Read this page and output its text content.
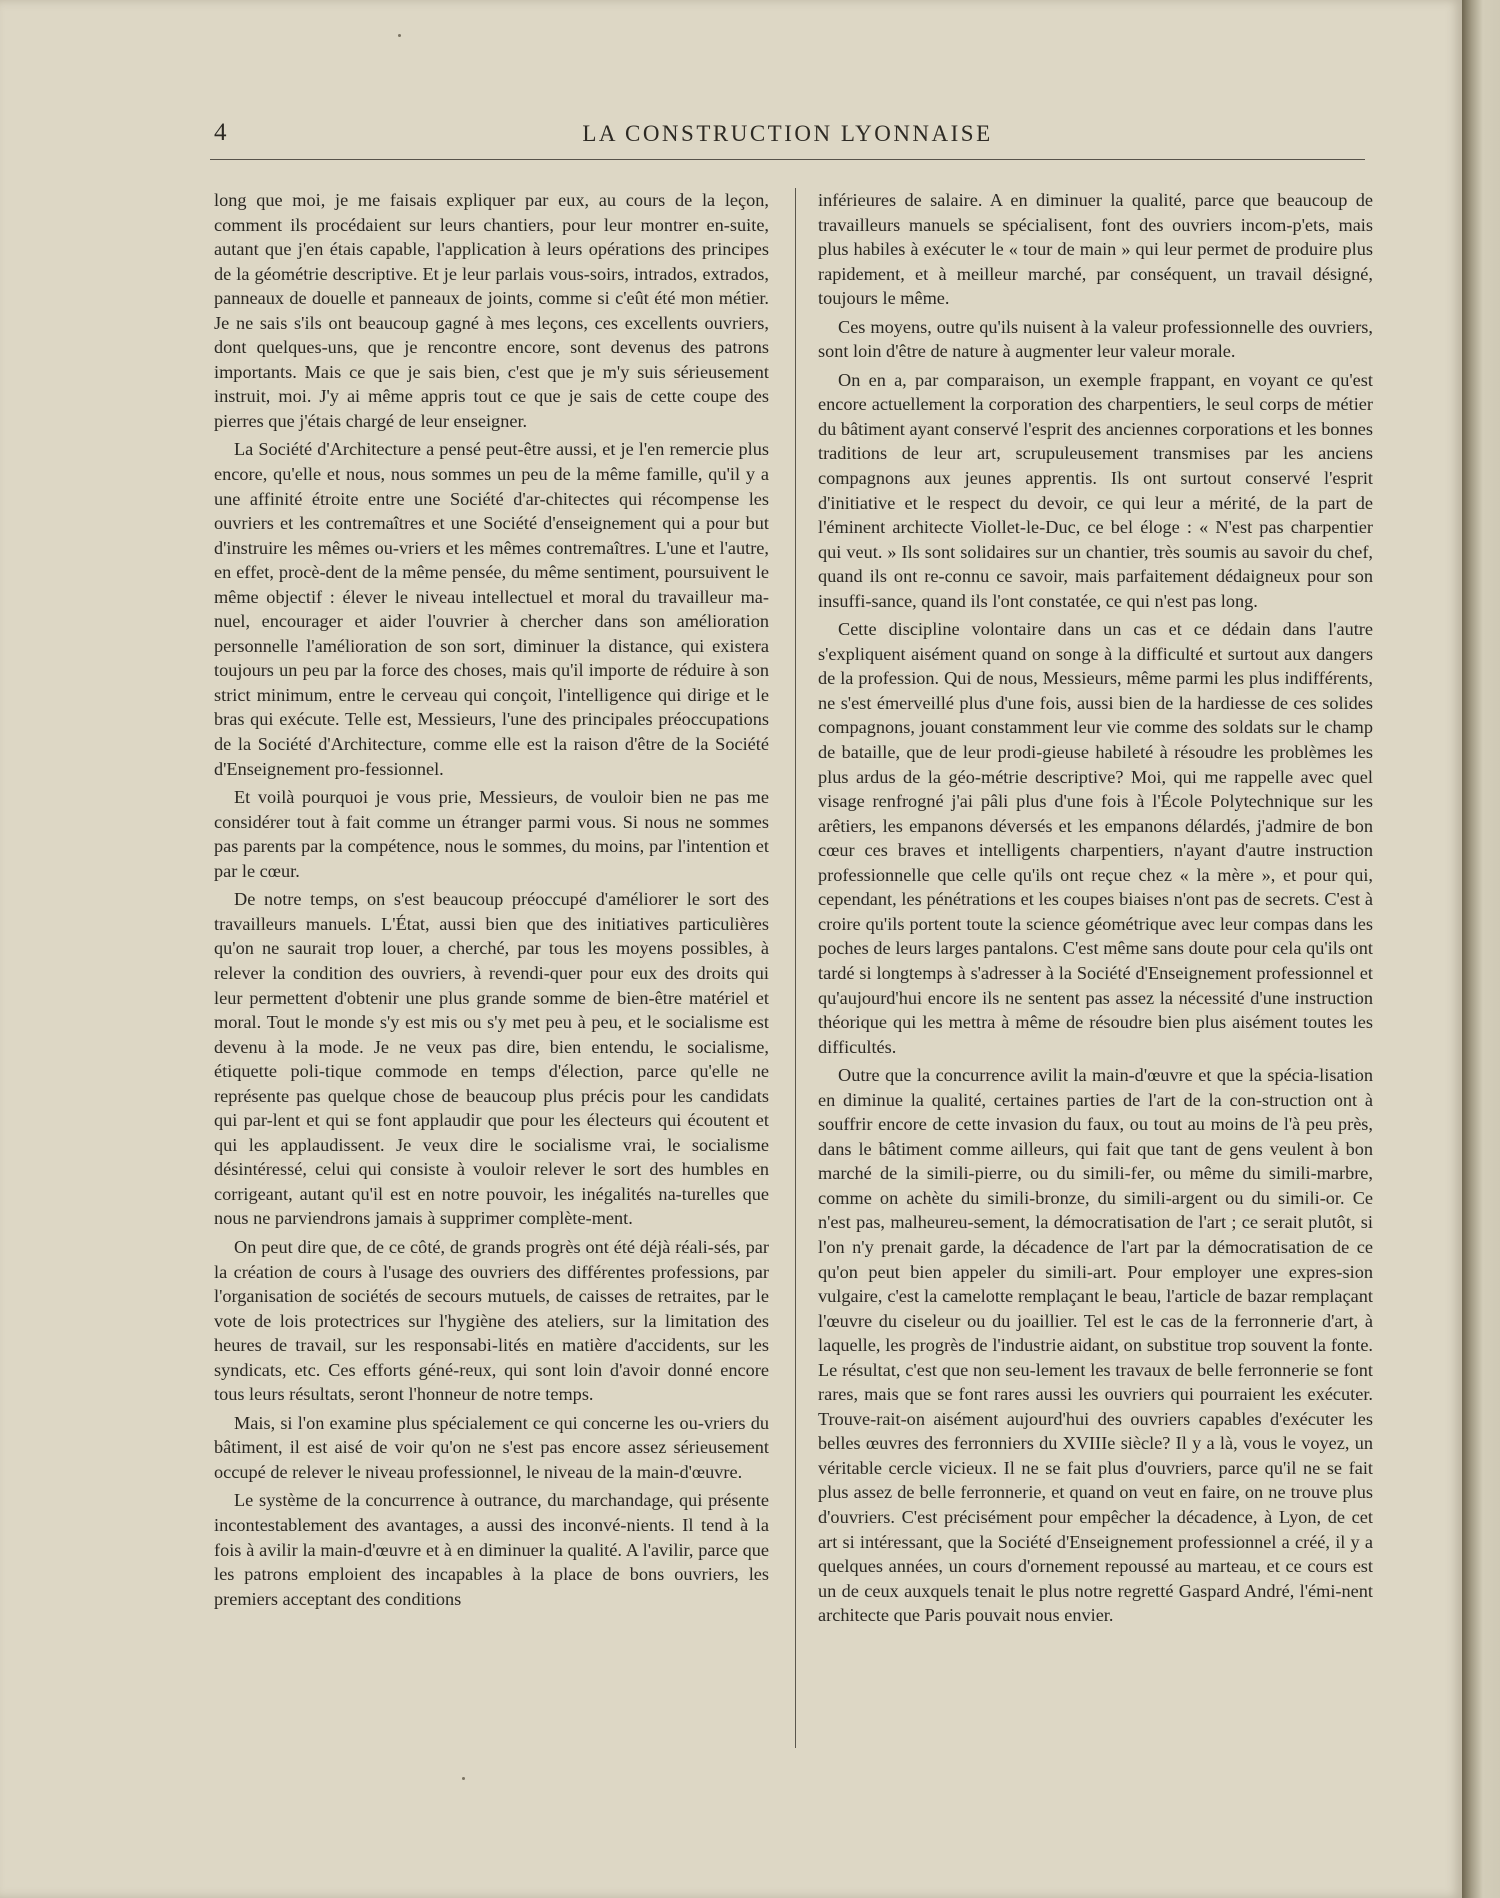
4	LA CONSTRUCTION LYONNAISE

long que moi, je me faisais expliquer par eux, au cours de la leçon, comment ils procédaient sur leurs chantiers, pour leur montrer en-suite, autant que j'en étais capable, l'application à leurs opérations des principes de la géométrie descriptive. Et je leur parlais vous-soirs, intrados, extrados, panneaux de douelle et panneaux de joints, comme si c'eût été mon métier. Je ne sais s'ils ont beaucoup gagné à mes leçons, ces excellents ouvriers, dont quelques-uns, que je rencontre encore, sont devenus des patrons importants. Mais ce que je sais bien, c'est que je m'y suis sérieusement instruit, moi. J'y ai même appris tout ce que je sais de cette coupe des pierres que j'étais chargé de leur enseigner.

La Société d'Architecture a pensé peut-être aussi, et je l'en remercie plus encore, qu'elle et nous, nous sommes un peu de la même famille, qu'il y a une affinité étroite entre une Société d'ar-chitectes qui récompense les ouvriers et les contremaîtres et une Société d'enseignement qui a pour but d'instruire les mêmes ou-vriers et les mêmes contremaîtres. L'une et l'autre, en effet, procè-dent de la même pensée, du même sentiment, poursuivent le même objectif : élever le niveau intellectuel et moral du travailleur ma-nuel, encourager et aider l'ouvrier à chercher dans son amélioration personnelle l'amélioration de son sort, diminuer la distance, qui existera toujours un peu par la force des choses, mais qu'il importe de réduire à son strict minimum, entre le cerveau qui conçoit, l'intelligence qui dirige et le bras qui exécute. Telle est, Messieurs, l'une des principales préoccupations de la Société d'Architecture, comme elle est la raison d'être de la Société d'Enseignement pro-fessionnel.

Et voilà pourquoi je vous prie, Messieurs, de vouloir bien ne pas me considérer tout à fait comme un étranger parmi vous. Si nous ne sommes pas parents par la compétence, nous le sommes, du moins, par l'intention et par le cœur.

De notre temps, on s'est beaucoup préoccupé d'améliorer le sort des travailleurs manuels. L'État, aussi bien que des initiatives particulières qu'on ne saurait trop louer, a cherché, par tous les moyens possibles, à relever la condition des ouvriers, à revendi-quer pour eux des droits qui leur permettent d'obtenir une plus grande somme de bien-être matériel et moral. Tout le monde s'y est mis ou s'y met peu à peu, et le socialisme est devenu à la mode. Je ne veux pas dire, bien entendu, le socialisme, étiquette poli-tique commode en temps d'élection, parce qu'elle ne représente pas quelque chose de beaucoup plus précis pour les candidats qui par-lent et qui se font applaudir que pour les électeurs qui écoutent et qui les applaudissent. Je veux dire le socialisme vrai, le socialisme désintéressé, celui qui consiste à vouloir relever le sort des humbles en corrigeant, autant qu'il est en notre pouvoir, les inégalités na-turelles que nous ne parviendrons jamais à supprimer complète-ment.

On peut dire que, de ce côté, de grands progrès ont été déjà réali-sés, par la création de cours à l'usage des ouvriers des différentes professions, par l'organisation de sociétés de secours mutuels, de caisses de retraites, par le vote de lois protectrices sur l'hygiène des ateliers, sur la limitation des heures de travail, sur les responsabi-lités en matière d'accidents, sur les syndicats, etc. Ces efforts géné-reux, qui sont loin d'avoir donné encore tous leurs résultats, seront l'honneur de notre temps.

Mais, si l'on examine plus spécialement ce qui concerne les ou-vriers du bâtiment, il est aisé de voir qu'on ne s'est pas encore assez sérieusement occupé de relever le niveau professionnel, le niveau de la main-d'œuvre.

Le système de la concurrence à outrance, du marchandage, qui présente incontestablement des avantages, a aussi des inconvé-nients. Il tend à la fois à avilir la main-d'œuvre et à en diminuer la qualité. A l'avilir, parce que les patrons emploient des incapables à la place de bons ouvriers, les premiers acceptant des conditions

inférieures de salaire. A en diminuer la qualité, parce que beaucoup de travailleurs manuels se spécialisent, font des ouvriers incom-p'ets, mais plus habiles à exécuter le « tour de main » qui leur permet de produire plus rapidement, et à meilleur marché, par conséquent, un travail désigné, toujours le même.

Ces moyens, outre qu'ils nuisent à la valeur professionnelle des ouvriers, sont loin d'être de nature à augmenter leur valeur morale.

On en a, par comparaison, un exemple frappant, en voyant ce qu'est encore actuellement la corporation des charpentiers, le seul corps de métier du bâtiment ayant conservé l'esprit des anciennes corporations et les bonnes traditions de leur art, scrupuleusement transmises par les anciens compagnons aux jeunes apprentis. Ils ont surtout conservé l'esprit d'initiative et le respect du devoir, ce qui leur a mérité, de la part de l'éminent architecte Viollet-le-Duc, ce bel éloge : « N'est pas charpentier qui veut. » Ils sont solidaires sur un chantier, très soumis au savoir du chef, quand ils ont re-connu ce savoir, mais parfaitement dédaigneux pour son insuffi-sance, quand ils l'ont constatée, ce qui n'est pas long.

Cette discipline volontaire dans un cas et ce dédain dans l'autre s'expliquent aisément quand on songe à la difficulté et surtout aux dangers de la profession. Qui de nous, Messieurs, même parmi les plus indifférents, ne s'est émerveillé plus d'une fois, aussi bien de la hardiesse de ces solides compagnons, jouant constamment leur vie comme des soldats sur le champ de bataille, que de leur prodi-gieuse habileté à résoudre les problèmes les plus ardus de la géo-métrie descriptive? Moi, qui me rappelle avec quel visage renfrogné j'ai pâli plus d'une fois à l'École Polytechnique sur les arêtiers, les empanons déversés et les empanons délardés, j'admire de bon cœur ces braves et intelligents charpentiers, n'ayant d'autre instruction professionnelle que celle qu'ils ont reçue chez « la mère », et pour qui, cependant, les pénétrations et les coupes biaises n'ont pas de secrets. C'est à croire qu'ils portent toute la science géométrique avec leur compas dans les poches de leurs larges pantalons. C'est même sans doute pour cela qu'ils ont tardé si longtemps à s'adresser à la Société d'Enseignement professionnel et qu'aujourd'hui encore ils ne sentent pas assez la nécessité d'une instruction théorique qui les mettra à même de résoudre bien plus aisément toutes les difficultés.

Outre que la concurrence avilit la main-d'œuvre et que la spécia-lisation en diminue la qualité, certaines parties de l'art de la con-struction ont à souffrir encore de cette invasion du faux, ou tout au moins de l'à peu près, dans le bâtiment comme ailleurs, qui fait que tant de gens veulent à bon marché de la simili-pierre, ou du simili-fer, ou même du simili-marbre, comme on achète du simili-bronze, du simili-argent ou du simili-or. Ce n'est pas, malheureu-sement, la démocratisation de l'art ; ce serait plutôt, si l'on n'y prenait garde, la décadence de l'art par la démocratisation de ce qu'on peut bien appeler du simili-art. Pour employer une expres-sion vulgaire, c'est la camelotte remplaçant le beau, l'article de bazar remplaçant l'œuvre du ciseleur ou du joaillier. Tel est le cas de la ferronnerie d'art, à laquelle, les progrès de l'industrie aidant, on substitue trop souvent la fonte. Le résultat, c'est que non seu-lement les travaux de belle ferronnerie se font rares, mais que se font rares aussi les ouvriers qui pourraient les exécuter. Trouve-rait-on aisément aujourd'hui des ouvriers capables d'exécuter les belles œuvres des ferronniers du XVIIIe siècle? Il y a là, vous le voyez, un véritable cercle vicieux. Il ne se fait plus d'ouvriers, parce qu'il ne se fait plus assez de belle ferronnerie, et quand on veut en faire, on ne trouve plus d'ouvriers. C'est précisément pour empêcher la décadence, à Lyon, de cet art si intéressant, que la Société d'Enseignement professionnel a créé, il y a quelques années, un cours d'ornement repoussé au marteau, et ce cours est un de ceux auxquels tenait le plus notre regretté Gaspard André, l'émi-nent architecte que Paris pouvait nous envier.
